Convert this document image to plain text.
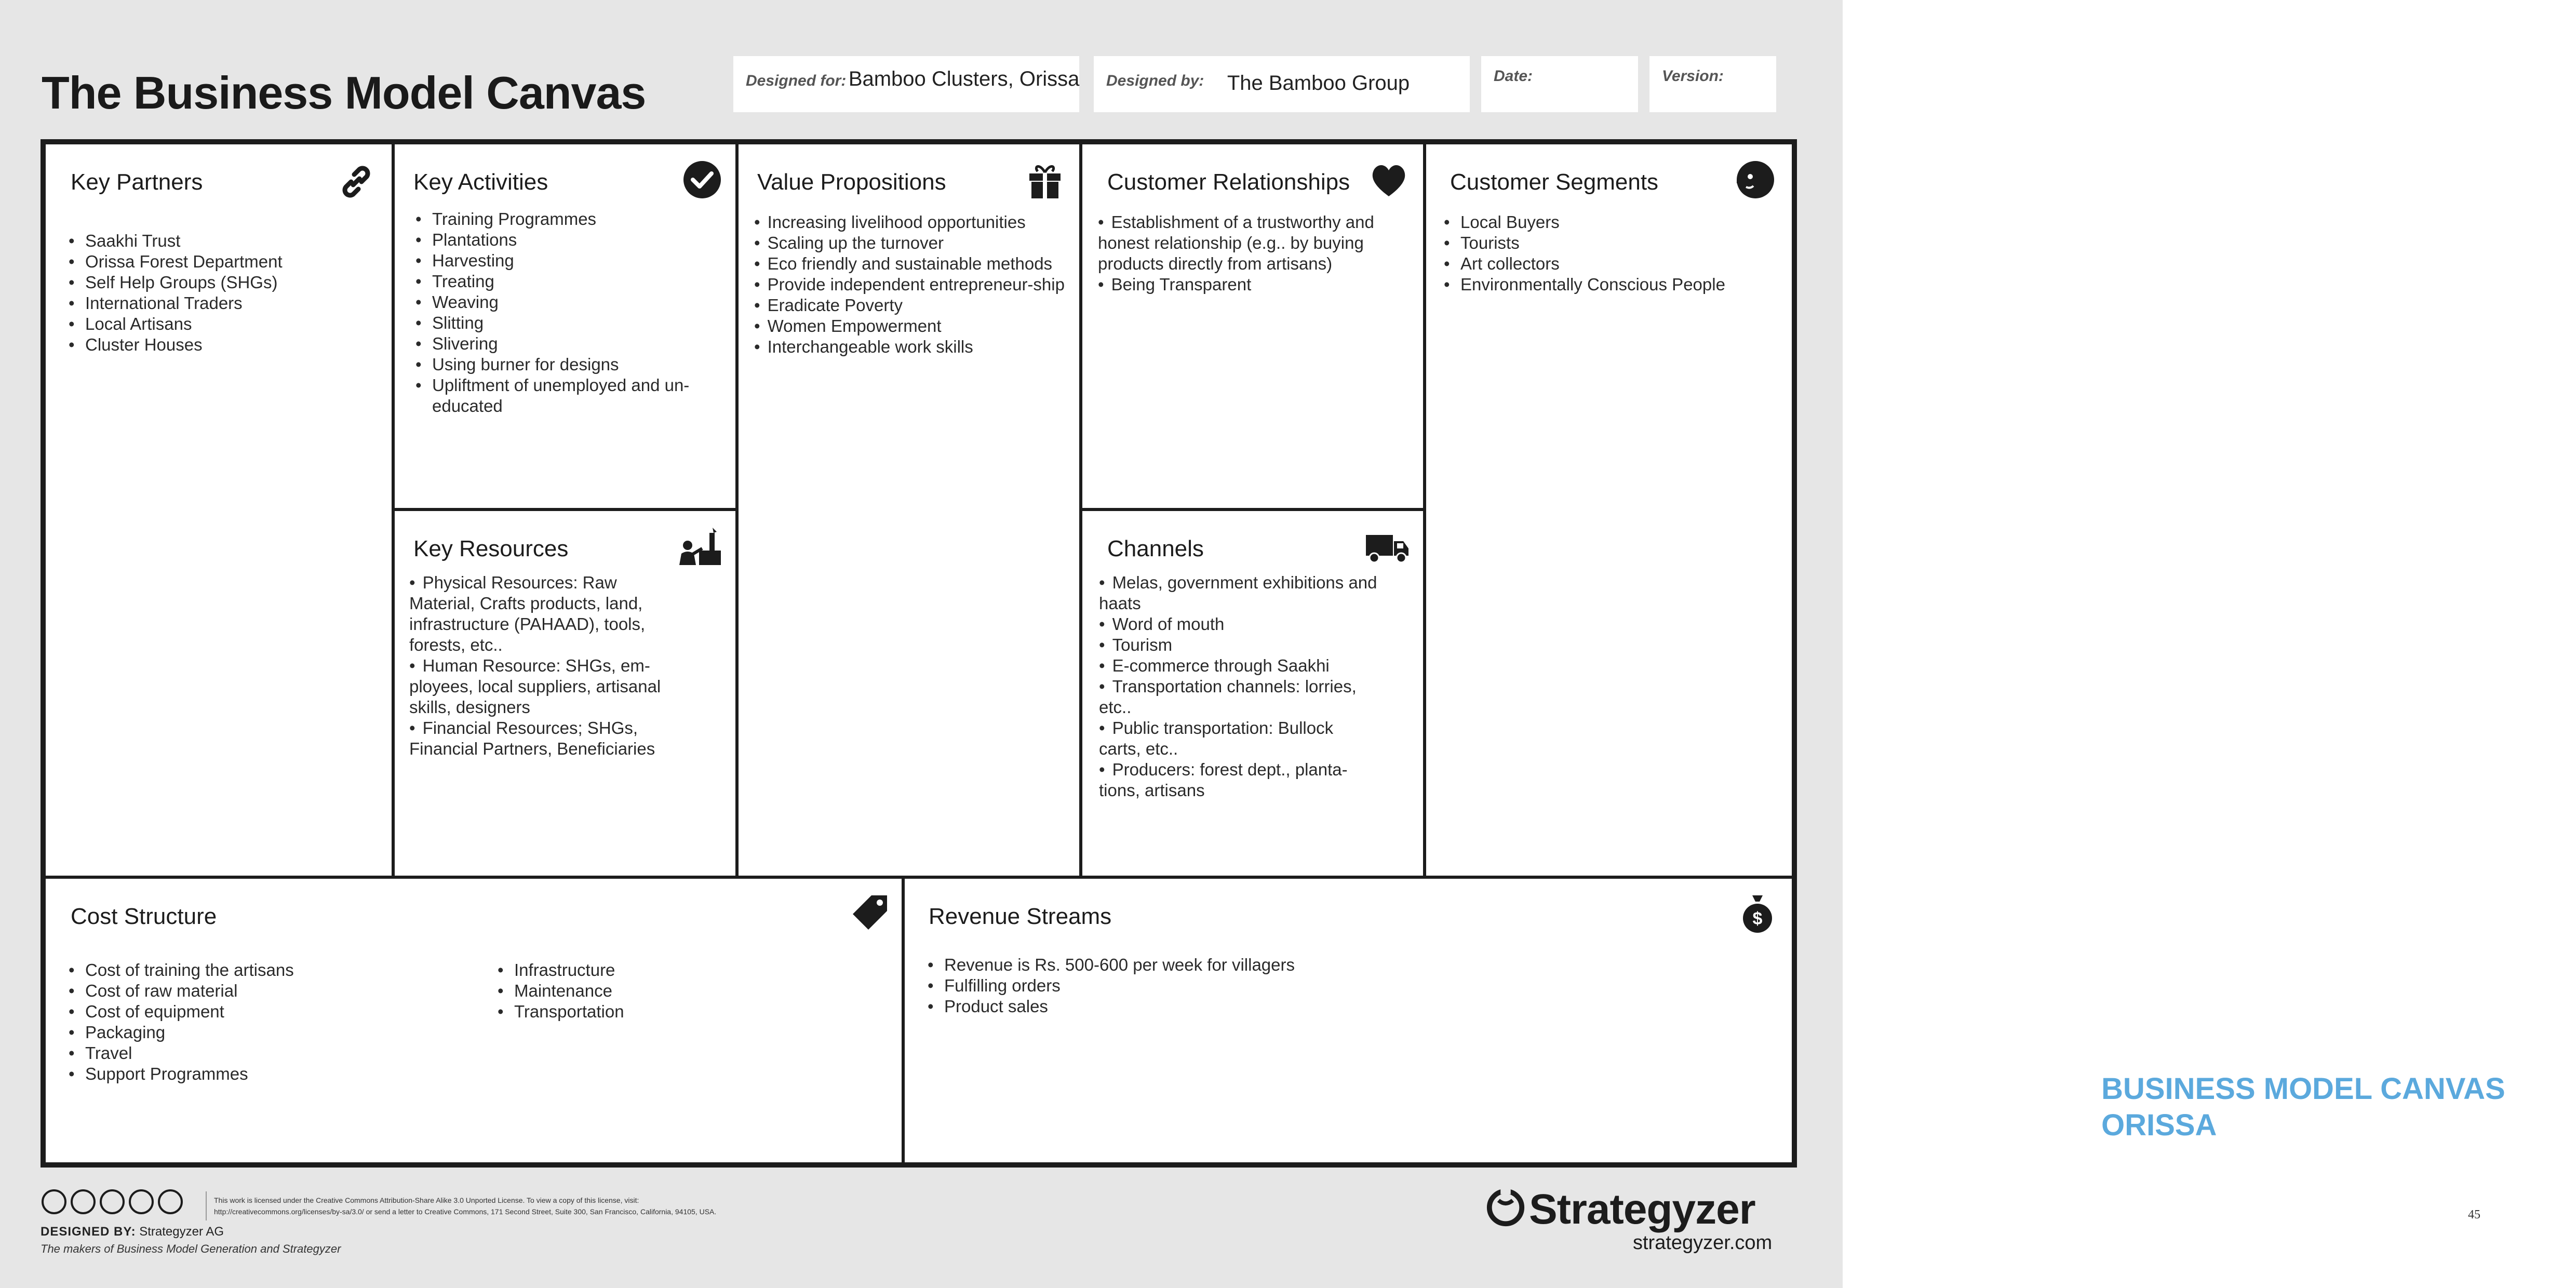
The Business Model Canvas	Designed for: Bamboo Clusters, Orissa	Designed by: The Bamboo Group	Date:	Version:
Key Partners
• Saakhi Trust
• Orissa Forest Department
• Self Help Groups (SHGs)
• International Traders
• Local Artisans
• Cluster Houses
Key Activities
• Training Programmes
• Plantations
• Harvesting
• Treating
• Weaving
• Slitting
• Slivering
• Using burner for designs
• Upliftment of unemployed and un-educated
Key Resources
• Physical Resources: Raw Material, Crafts products, land, infrastructure (PAHAAD), tools, forests, etc..
• Human Resource: SHGs, em-ployees, local suppliers, artisanal skills, designers
• Financial Resources; SHGs, Financial Partners, Beneficiaries
Value Propositions
• Increasing livelihood opportunities
• Scaling up the turnover
• Eco friendly and sustainable methods
• Provide independent entrepreneur-ship
• Eradicate Poverty
• Women Empowerment
• Interchangeable work skills
Customer Relationships
• Establishment of a trustworthy and honest relationship (e.g.. by buying products directly from artisans)
• Being Transparent
Channels
• Melas, government exhibitions and haats
• Word of mouth
• Tourism
• E-commerce through Saakhi
• Transportation channels: lorries, etc..
• Public transportation: Bullock carts, etc..
• Producers: forest dept., planta-tions, artisans
Customer Segments
• Local Buyers
• Tourists
• Art collectors
• Environmentally Conscious People
Cost Structure
• Cost of training the artisans
• Cost of raw material
• Cost of equipment
• Packaging
• Travel
• Support Programmes
• Infrastructure
• Maintenance
• Transportation
Revenue Streams	$
• Revenue is Rs. 500-600 per week for villagers
• Fulfilling orders
• Product sales
This work is licensed under the Creative Commons Attribution-Share Alike 3.0 Unported License. To view a copy of this license, visit:
http://creativecommons.org/licenses/by-sa/3.0/ or send a letter to Creative Commons, 171 Second Street, Suite 300, San Francisco, California, 94105, USA.
DESIGNED BY: Strategyzer AG
The makers of Business Model Generation and Strategyzer
Strategyzer
strategyzer.com
BUSINESS MODEL CANVAS
ORISSA
45
